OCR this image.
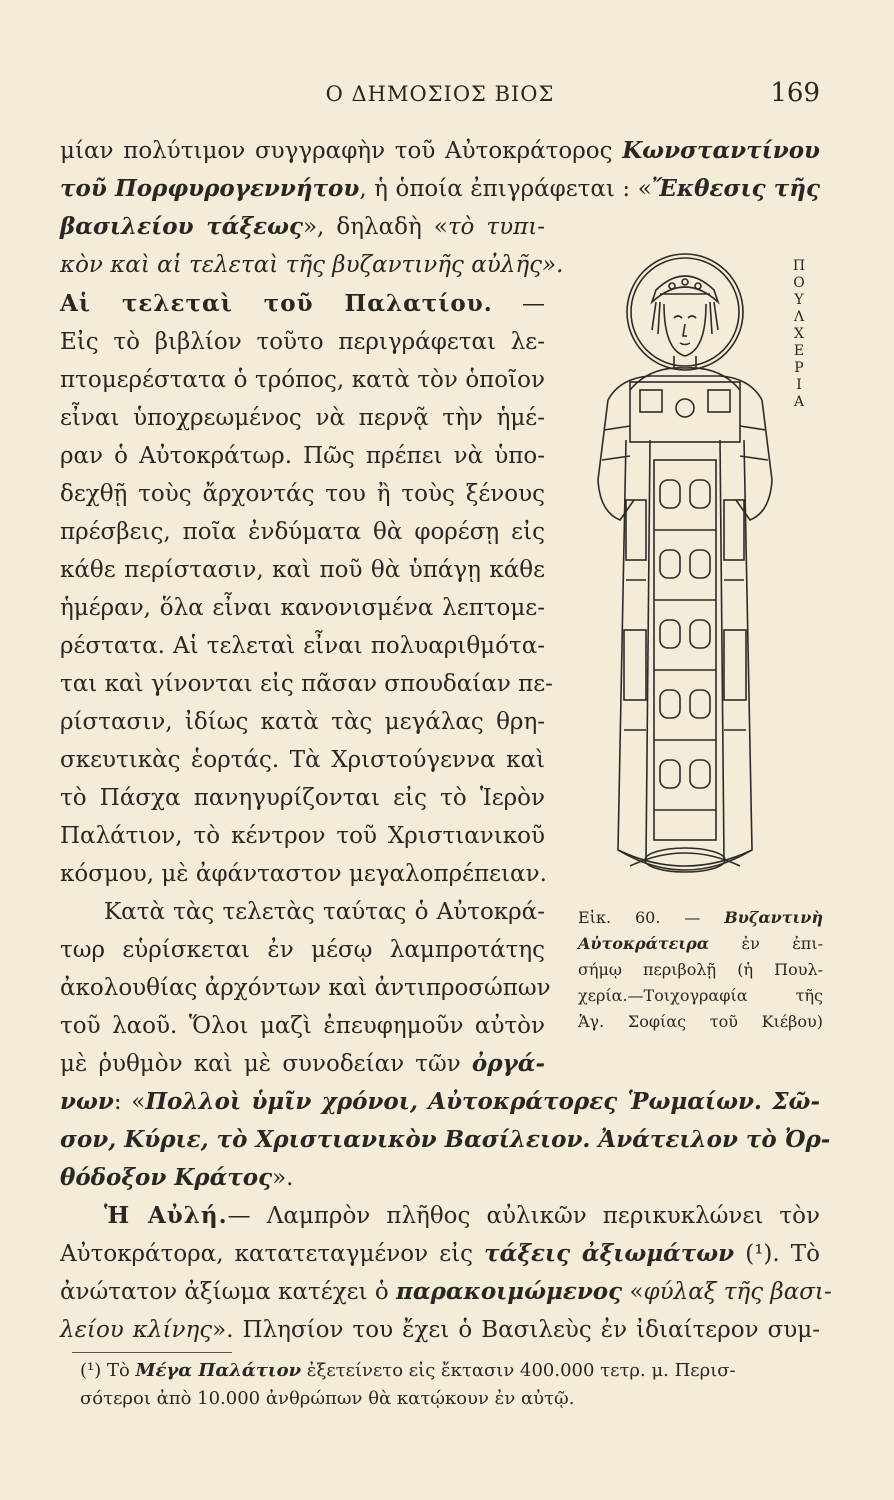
Ο ΔΗΜΟΣΙΟΣ ΒΙΟΣ	169
μίαν πολύτιμον συγγραφὴν τοῦ Αὐτοκράτορος Κωνσταντίνου
τοῦ Πορφυρογεννήτου, ἡ ὁποία ἐπιγράφεται : «Ἔκθεσις τῆς
βασιλείου τάξεως», δηλαδὴ «τὸ τυπι-
κὸν καὶ αἱ τελεταὶ τῆς βυζαντινῆς αὐλῆς».
Αἱ τελεταὶ τοῦ Παλατίου. —
Εἰς τὸ βιβλίον τοῦτο περιγράφεται λε-
πτομερέστατα ὁ τρόπος, κατὰ τὸν ὁποῖον
εἶναι ὑποχρεωμένος νὰ περνᾷ τὴν ἡμέ-
ραν ὁ Αὐτοκράτωρ. Πῶς πρέπει νὰ ὑπο-
δεχθῇ τοὺς ἄρχοντάς του ἢ τοὺς ξένους
πρέσβεις, ποῖα ἐνδύματα θὰ φορέσῃ εἰς
κάθε περίστασιν, καὶ ποῦ θὰ ὑπάγῃ κάθε
ἡμέραν, ὅλα εἶναι κανονισμένα λεπτομε-
ρέστατα. Αἱ τελεταὶ εἶναι πολυαριθμότα-
ται καὶ γίνονται εἰς πᾶσαν σπουδαίαν πε-
ρίστασιν, ἰδίως κατὰ τὰς μεγάλας θρη-
σκευτικὰς ἑορτάς. Τὰ Χριστούγεννα καὶ
τὸ Πάσχα πανηγυρίζονται εἰς τὸ Ἱερὸν
Παλάτιον, τὸ κέντρον τοῦ Χριστιανικοῦ
κόσμου, μὲ ἀφάνταστον μεγαλοπρέπειαν.
Κατὰ τὰς τελετὰς ταύτας ὁ Αὐτοκρά-
τωρ εὑρίσκεται ἐν μέσῳ λαμπροτάτης
ἀκολουθίας ἀρχόντων καὶ ἀντιπροσώπων
τοῦ λαοῦ. Ὅλοι μαζὶ ἐπευφημοῦν αὐτὸν
μὲ ῥυθμὸν καὶ μὲ συνοδείαν τῶν ὀργά-
νων: «Πολλοὶ ὑμῖν χρόνοι, Αὐτοκράτορες Ῥωμαίων. Σῶ-
σον, Κύριε, τὸ Χριστιανικὸν Βασίλειον. Ἀνάτειλον τὸ Ὀρ-
θόδοξον Κράτος».
Ἡ Αὐλή.— Λαμπρὸν πλῆθος αὐλικῶν περικυκλώνει τὸν
Αὐτοκράτορα, κατατεταγμένον εἰς τάξεις ἀξιωμάτων (¹). Τὸ
ἀνώτατον ἀξίωμα κατέχει ὁ παρακοιμώμενος «φύλαξ τῆς βασι-
λείου κλίνης». Πλησίον του ἔχει ὁ Βασιλεὺς ἐν ἰδιαίτερον συμ-
Π
Ο
Υ
Λ
Χ
Ε
Ρ
Ι
Α
Εἰκ. 60. — Βυζαντινὴ
Αὐτοκράτειρα ἐν ἐπι-
σήμῳ περιβολῇ (ἡ Πουλ-
χερία.—Τοιχογραφία τῆς
Ἁγ. Σοφίας τοῦ Κιέβου)
(¹) Τὸ Μέγα Παλάτιον ἐξετείνετο εἰς ἔκτασιν 400.000 τετρ. μ. Περισ-
σότεροι ἀπὸ 10.000 ἀνθρώπων θὰ κατῴκουν ἐν αὐτῷ.
